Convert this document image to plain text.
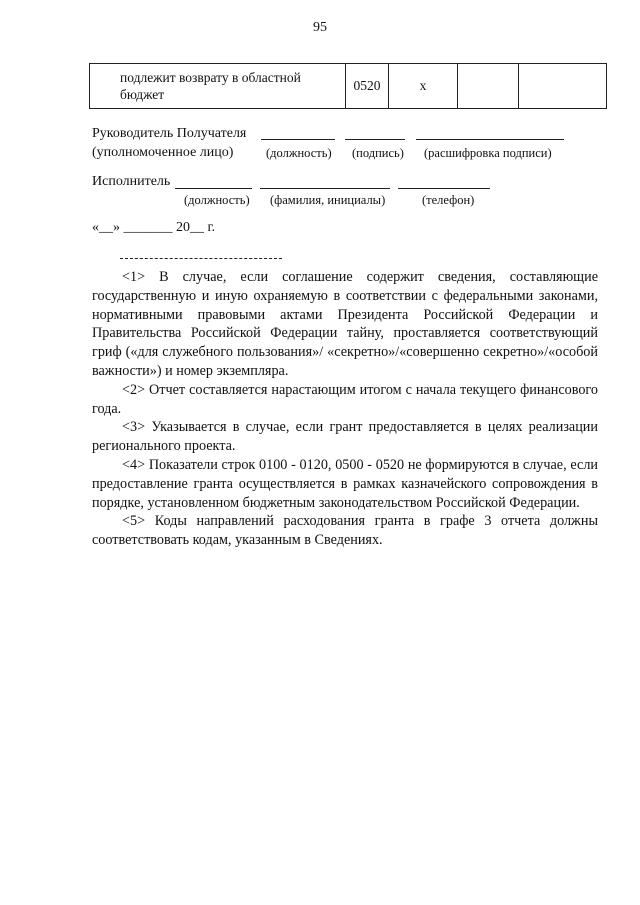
95
подлежит возврату в областной бюджет	0520	х		
Руководитель Получателя
(уполномоченное лицо)	(должность) (подпись) (расшифровка подписи)
Исполнитель
(должность) (фамилия, инициалы)	(телефон)
«__» _______ 20__ г.

<1> В случае, если соглашение содержит сведения, составляющие государственную и иную охраняемую в соответствии с федеральными законами, нормативными правовыми актами Президента Российской Федерации и Правительства Российской Федерации тайну, проставляется соответствующий гриф («для служебного пользования»/ «секретно»/«совершенно секретно»/«особой важности») и номер экземпляра.

<2> Отчет составляется нарастающим итогом с начала текущего финансового года.

<3> Указывается в случае, если грант предоставляется в целях реализации регионального проекта.

<4> Показатели строк 0100 - 0120, 0500 - 0520 не формируются в случае, если предоставление гранта осуществляется в рамках казначейского сопровождения в порядке, установленном бюджетным законодательством Российской Федерации.

<5> Коды направлений расходования гранта в графе 3 отчета должны соответствовать кодам, указанным в Сведениях.
